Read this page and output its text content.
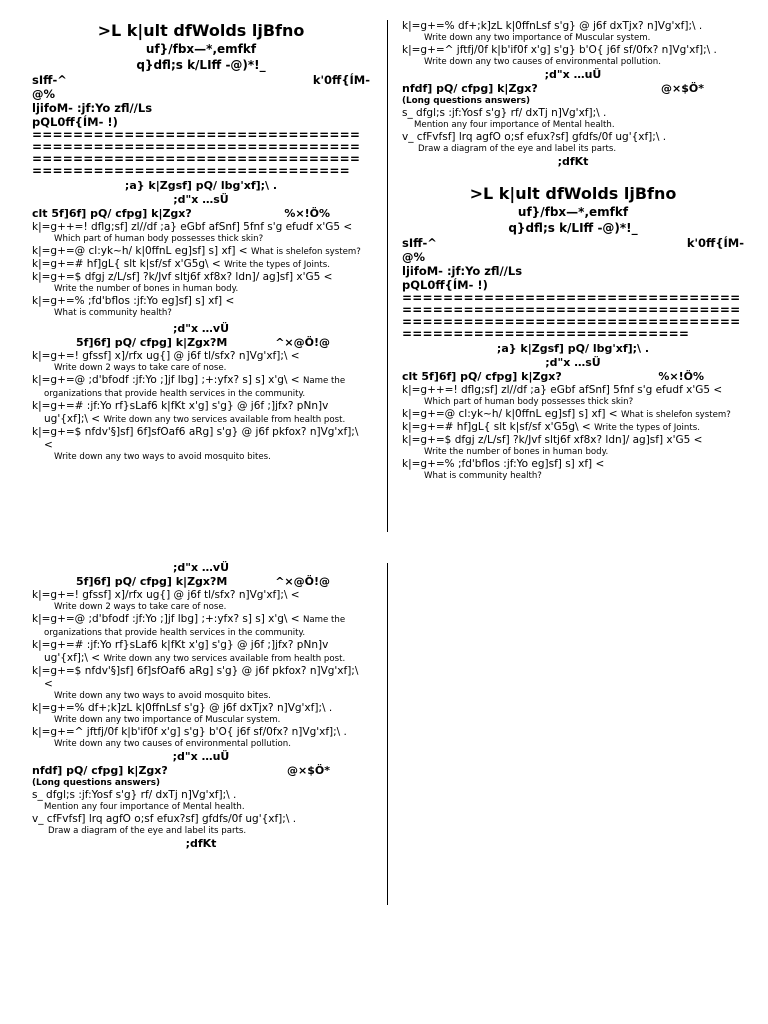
>L k|ult dfWolds ljBfno
uf}/fbx—*,emfkf
q}dfl;s k/LIff -@)*!_
sIff-^	k'0ff{ÍM-
@%
ljifoM- :jf:Yo zfl//Ls
pQL0ff{ÍM- !)
===============================================================================================================================
;a} k|Zgsf] pQ/ lbg'xf];\ .
;d"x …sÜ
clt 5f]6f] pQ/ cfpg] k|Zgx?	%×!Ö%
k|=g++=! dflg;sf] zl//df ;a} eGbf afSnf] 5fnf s'g efudf x'G5 <
Which part of human body possesses thick skin?
k|=g+=@ cl:yk~h/ k|0ffnL eg]sf] s] xf] < What is shelefon system?
k|=g+=# hf]gL{ slt k|sf/sf x'G5g\ < Write the types of Joints.
k|=g+=$ dfgj z/L/sf] ?k/Jvf sltj6f xf8x? ldn]/ ag]sf] x'G5 <
Write the number of bones in human body.
k|=g+=% ;fd'bflos :jf:Yo eg]sf] s] xf] <
What is community health?
;d"x …vÜ
5f]6f] pQ/ cfpg] k|Zgx?M	^×@Ö!@
k|=g+=! gfssf] x]/rfx ug{] @ j6f tl/sfx? n]Vg'xf];\ <
Write down 2 ways to take care of nose.
k|=g+=@ ;d'bfodf :jf:Yo ;]jf lbg] ;+:yfx? s] s] x'g\ < Name the organizations that provide health services in the community.
k|=g+=# :jf:Yo rf}sLaf6 k|fKt x'g] s'g} @ j6f ;]jfx? pNn]v ug'{xf];\ < Write down any two services available from health post.
k|=g+=$ nfdv'§]sf] 6f]sfOaf6 aRg] s'g} @ j6f pkfox? n]Vg'xf];\ <
Write down any two ways to avoid mosquito bites.
k|=g+=% df+;k]zL k|0ffnLsf s'g} @ j6f dxTjx? n]Vg'xf];\ .
Write down any two importance of Muscular system.
k|=g+=^ jftfj/0f k|b'if0f x'g] s'g} b'O{ j6f sf/0fx? n]Vg'xf];\ .
Write down any two causes of environmental pollution.
;d"x …uÜ
nfdf] pQ/ cfpg] k|Zgx?	@×$Ö*
(Long questions answers)
s_ dfgl;s :jf:Yosf s'g} rf/ dxTj n]Vg'xf];\ .
Mention any four importance of Mental health.
v_ cfFvfsf] lrq agfO o;sf efux?sf] gfdfs/0f ug'{xf];\ .
Draw a diagram of the eye and label its parts.
;dfKt
>L k|ult dfWolds ljBfno
uf}/fbx—*,emfkf
q}dfl;s k/LIff -@)*!_
sIff-^	k'0ff{ÍM-
@%
ljifoM- :jf:Yo zfl//Ls
pQL0ff{ÍM- !)
===============================================================================================================================
;a} k|Zgsf] pQ/ lbg'xf];\ .
;d"x …sÜ
clt 5f]6f] pQ/ cfpg] k|Zgx?	%×!Ö%
k|=g++=! dflg;sf] zl//df ;a} eGbf afSnf] 5fnf s'g efudf x'G5 <
Which part of human body possesses thick skin?
k|=g+=@ cl:yk~h/ k|0ffnL eg]sf] s] xf] < What is shelefon system?
k|=g+=# hf]gL{ slt k|sf/sf x'G5g\ < Write the types of Joints.
k|=g+=$ dfgj z/L/sf] ?k/Jvf sltj6f xf8x? ldn]/ ag]sf] x'G5 <
Write the number of bones in human body.
k|=g+=% ;fd'bflos :jf:Yo eg]sf] s] xf] <
What is community health?
;d"x …vÜ
5f]6f] pQ/ cfpg] k|Zgx?M	^×@Ö!@
k|=g+=! gfssf] x]/rfx ug{] @ j6f tl/sfx? n]Vg'xf];\ <
Write down 2 ways to take care of nose.
k|=g+=@ ;d'bfodf :jf:Yo ;]jf lbg] ;+:yfx? s] s] x'g\ < Name the organizations that provide health services in the community.
k|=g+=# :jf:Yo rf}sLaf6 k|fKt x'g] s'g} @ j6f ;]jfx? pNn]v ug'{xf];\ < Write down any two services available from health post.
k|=g+=$ nfdv'§]sf] 6f]sfOaf6 aRg] s'g} @ j6f pkfox? n]Vg'xf];\ <
Write down any two ways to avoid mosquito bites.
k|=g+=% df+;k]zL k|0ffnLsf s'g} @ j6f dxTjx? n]Vg'xf];\ .
Write down any two importance of Muscular system.
k|=g+=^ jftfj/0f k|b'if0f x'g] s'g} b'O{ j6f sf/0fx? n]Vg'xf];\ .
Write down any two causes of environmental pollution.
;d"x …uÜ
nfdf] pQ/ cfpg] k|Zgx?	@×$Ö*
(Long questions answers)
s_ dfgl;s :jf:Yosf s'g} rf/ dxTj n]Vg'xf];\ .
Mention any four importance of Mental health.
v_ cfFvfsf] lrq agfO o;sf efux?sf] gfdfs/0f ug'{xf];\ .
Draw a diagram of the eye and label its parts.
;dfKt
